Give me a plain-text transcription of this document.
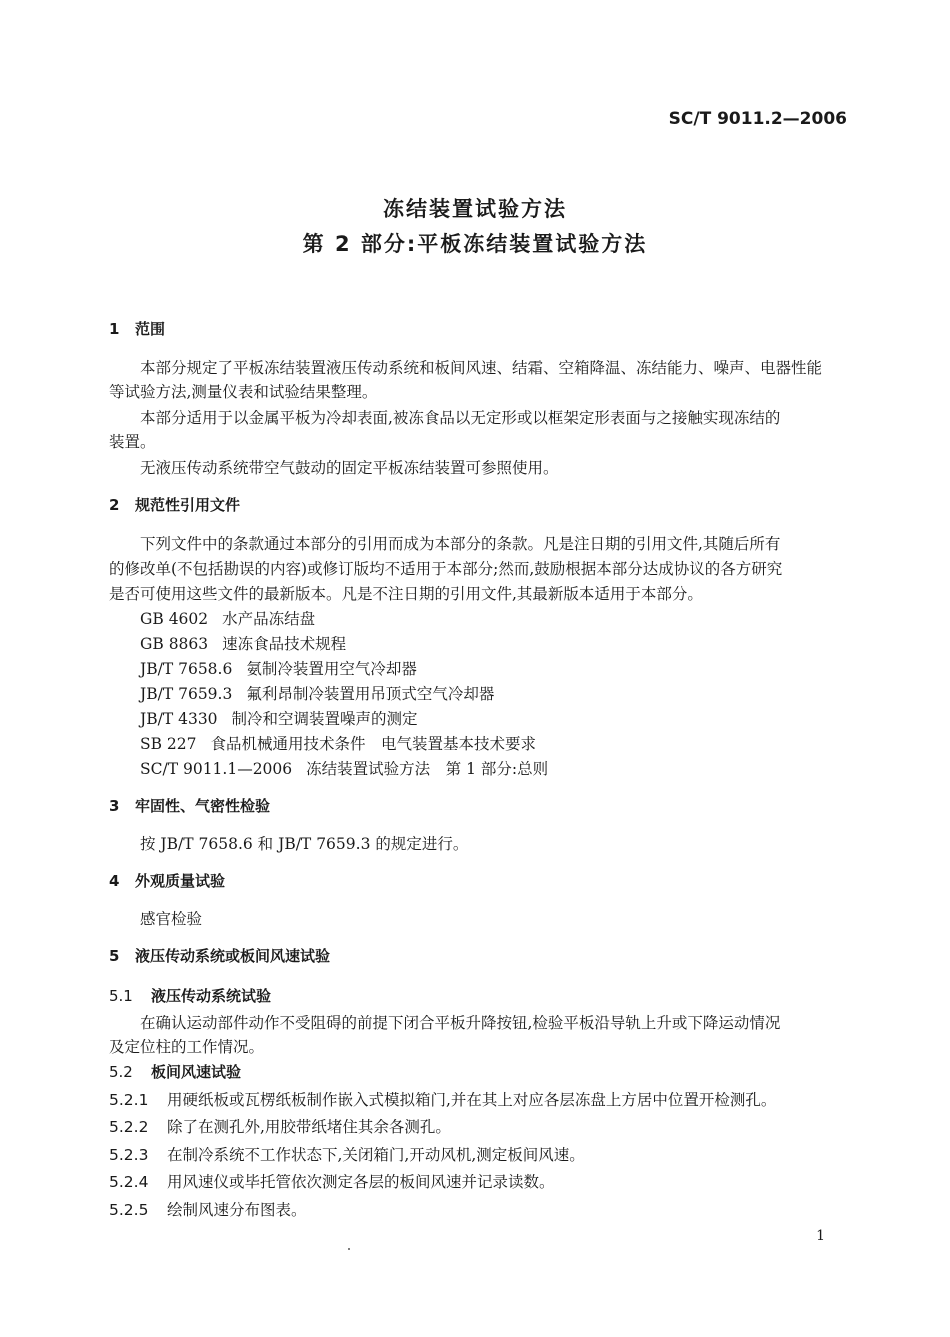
SC/T 9011.2—2006
冻结装置试验方法
第 2 部分:平板冻结装置试验方法
1 范围
本部分规定了平板冻结装置液压传动系统和板间风速、结霜、空箱降温、冻结能力、噪声、电器性能
等试验方法,测量仪表和试验结果整理。
本部分适用于以金属平板为冷却表面,被冻食品以无定形或以框架定形表面与之接触实现冻结的
装置。
无液压传动系统带空气鼓动的固定平板冻结装置可参照使用。
2 规范性引用文件
下列文件中的条款通过本部分的引用而成为本部分的条款。凡是注日期的引用文件,其随后所有
的修改单(不包括勘误的内容)或修订版均不适用于本部分;然而,鼓励根据本部分达成协议的各方研究
是否可使用这些文件的最新版本。凡是不注日期的引用文件,其最新版本适用于本部分。
GB 4602 水产品冻结盘
GB 8863 速冻食品技术规程
JB/T 7658.6 氨制冷装置用空气冷却器
JB/T 7659.3 氟利昂制冷装置用吊顶式空气冷却器
JB/T 4330 制冷和空调装置噪声的测定
SB 227 食品机械通用技术条件　电气装置基本技术要求
SC/T 9011.1—2006 冻结装置试验方法　第 1 部分:总则
3 牢固性、气密性检验
按 JB/T 7658.6 和 JB/T 7659.3 的规定进行。
4 外观质量试验
感官检验
5 液压传动系统或板间风速试验
5.1 液压传动系统试验
在确认运动部件动作不受阻碍的前提下闭合平板升降按钮,检验平板沿导轨上升或下降运动情况
及定位柱的工作情况。
5.2 板间风速试验
5.2.1 用硬纸板或瓦楞纸板制作嵌入式模拟箱门,并在其上对应各层冻盘上方居中位置开检测孔。
5.2.2 除了在测孔外,用胶带纸堵住其余各测孔。
5.2.3 在制冷系统不工作状态下,关闭箱门,开动风机,测定板间风速。
5.2.4 用风速仪或毕托管依次测定各层的板间风速并记录读数。
5.2.5 绘制风速分布图表。
1
